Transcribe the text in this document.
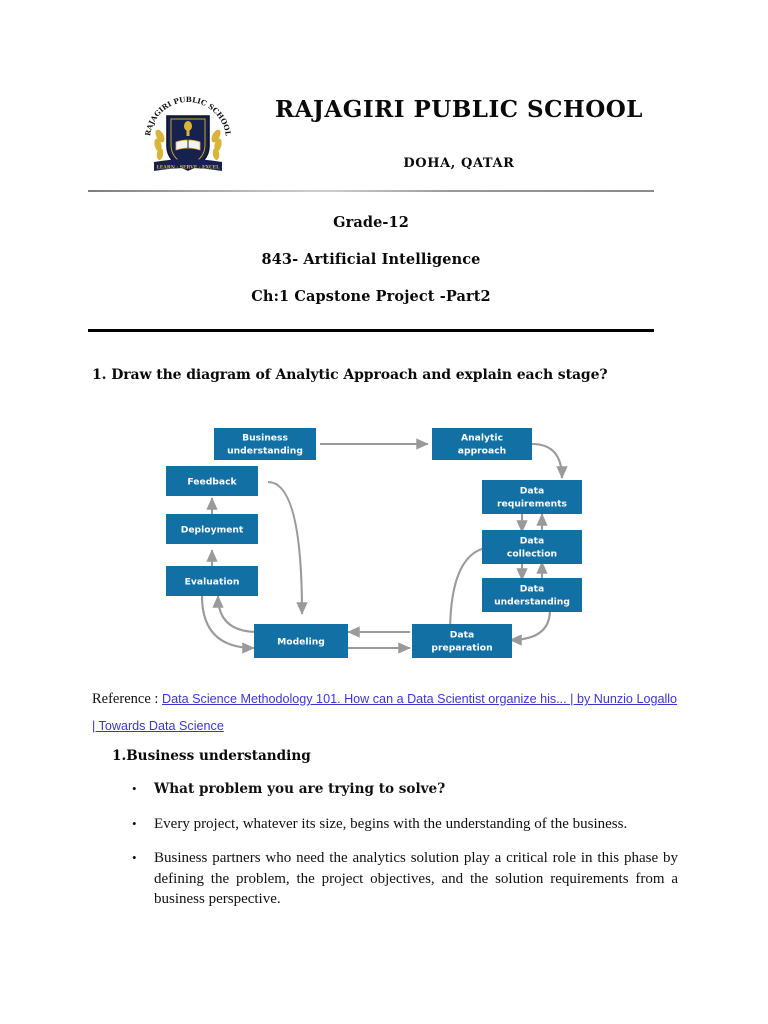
RAJAGIRI PUBLIC SCHOOL
LEARN · SERVE · EXCEL
RAJAGIRI PUBLIC SCHOOL
DOHA, QATAR
Grade-12
843- Artificial Intelligence
Ch:1 Capstone Project -Part2
1. Draw the diagram of Analytic Approach and explain each stage?
Business
understanding
Analytic
approach
Data
requirements
Data
collection
Data
understanding
Data
preparation
Modeling
Evaluation
Deployment
Feedback
Reference : Data Science Methodology 101. How can a Data Scientist organize his... | by Nunzio Logallo | Towards Data Science
1.Business understanding
•	What problem you are trying to solve?
•	Every project, whatever its size, begins with the understanding of the business.
•	Business partners who need the analytics solution play a critical role in this phase by defining the problem, the project objectives, and the solution requirements from a business perspective.
